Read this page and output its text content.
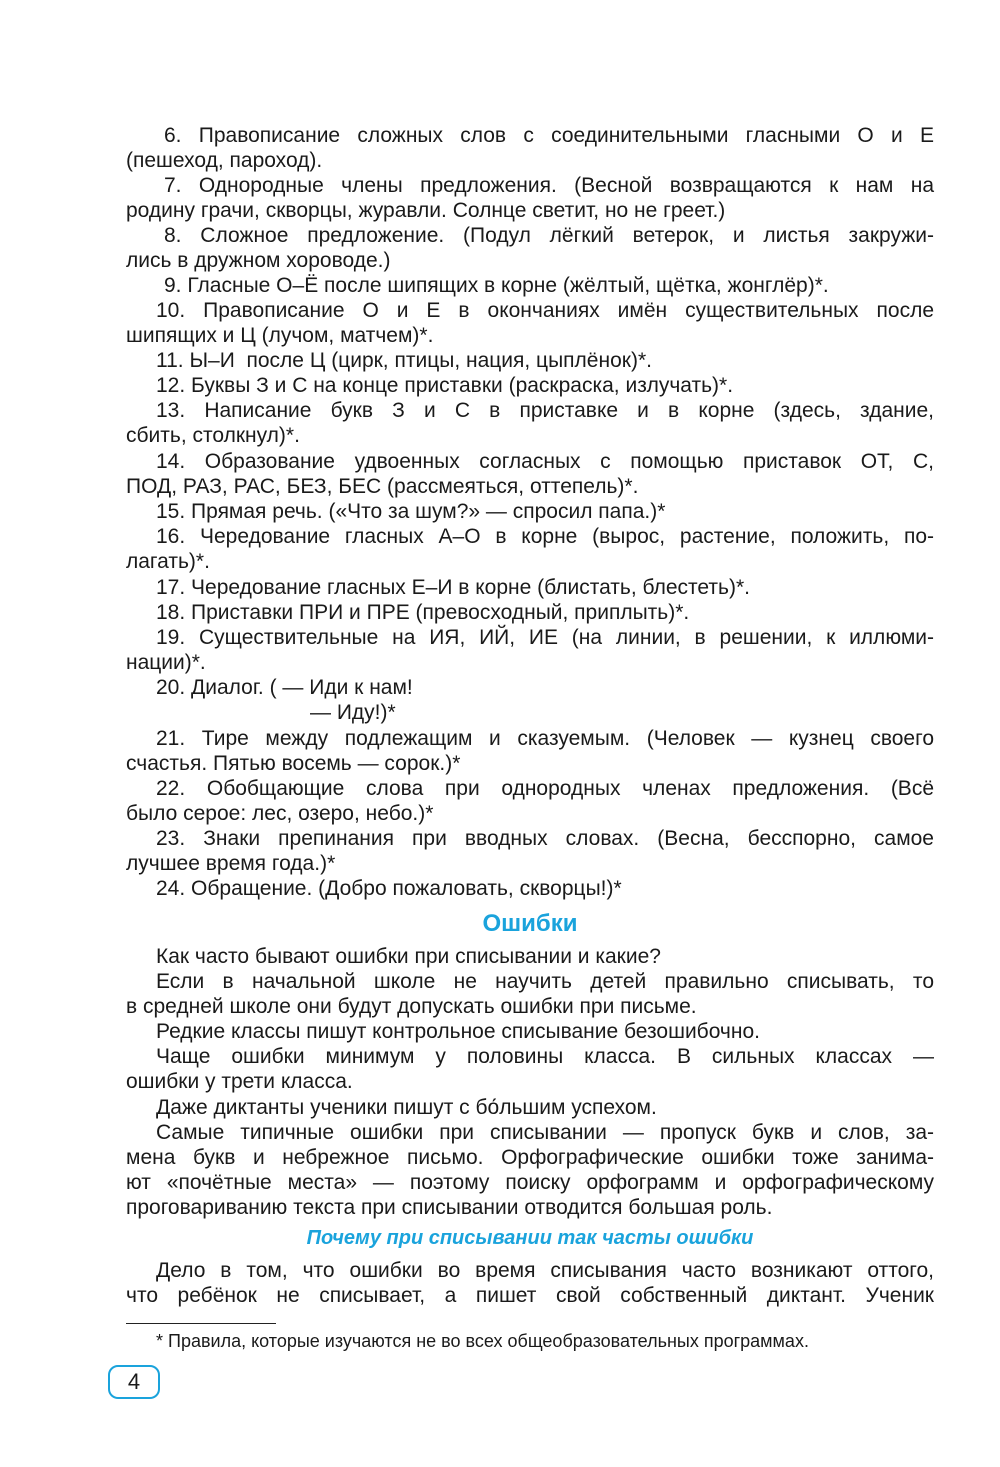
6. Правописание сложных слов с соединительными гласными О и Е
(пешеход, пароход).
7. Однородные члены предложения. (Весной возвращаются к нам на
родину грачи, скворцы, журавли. Солнце светит, но не греет.)
8. Сложное предложение. (Подул лёгкий ветерок, и листья закружи-
лись в дружном хороводе.)
9. Гласные О–Ё после шипящих в корне (жёлтый, щётка, жонглёр)*.
10. Правописание О и Е в окончаниях имён существительных после
шипящих и Ц (лучом, матчем)*.
11. Ы–И  после Ц (цирк, птицы, нация, цыплёнок)*.
12. Буквы З и С на конце приставки (раскраска, излучать)*.
13. Написание букв З и С в приставке и в корне (здесь, здание,
сбить, столкнул)*.
14. Образование удвоенных согласных с помощью приставок ОТ, С,
ПОД, РАЗ, РАС, БЕЗ, БЕС (рассмеяться, оттепель)*.
15. Прямая речь. («Что за шум?» — спросил папа.)*
16. Чередование гласных А–О в корне (вырос, растение, положить, по-
лагать)*.
17. Чередование гласных Е–И в корне (блистать, блестеть)*.
18. Приставки ПРИ и ПРЕ (превосходный, приплыть)*.
19. Существительные на ИЯ, ИЙ, ИЕ (на линии, в решении, к иллюми-
нации)*.
20. Диалог. ( — Иди к нам!
— Иду!)*
21. Тире между подлежащим и сказуемым. (Человек — кузнец своего
счастья. Пятью восемь — сорок.)*
22. Обобщающие слова при однородных членах предложения. (Всё
было серое: лес, озеро, небо.)*
23. Знаки препинания при вводных словах. (Весна, бесспорно, самое
лучшее время года.)*
24. Обращение. (Добро пожаловать, скворцы!)*
Ошибки
Как часто бывают ошибки при списывании и какие?
Если в начальной школе не научить детей правильно списывать, то
в средней школе они будут допускать ошибки при письме.
Редкие классы пишут контрольное списывание безошибочно.
Чаще ошибки минимум у половины класса. В сильных классах —
ошибки у трети класса.
Даже диктанты ученики пишут с бо́льшим успехом.
Самые типичные ошибки при списывании — пропуск букв и слов, за-
мена букв и небрежное письмо. Орфографические ошибки тоже занима-
ют «почётные места» — поэтому поиску орфограмм и орфографическому
проговариванию текста при списывании отводится большая роль.
Почему при списывании так часты ошибки
Дело в том, что ошибки во время списывания часто возникают оттого,
что ребёнок не списывает, а пишет свой собственный диктант. Ученик
* Правила, которые изучаются не во всех общеобразовательных программах.
4
